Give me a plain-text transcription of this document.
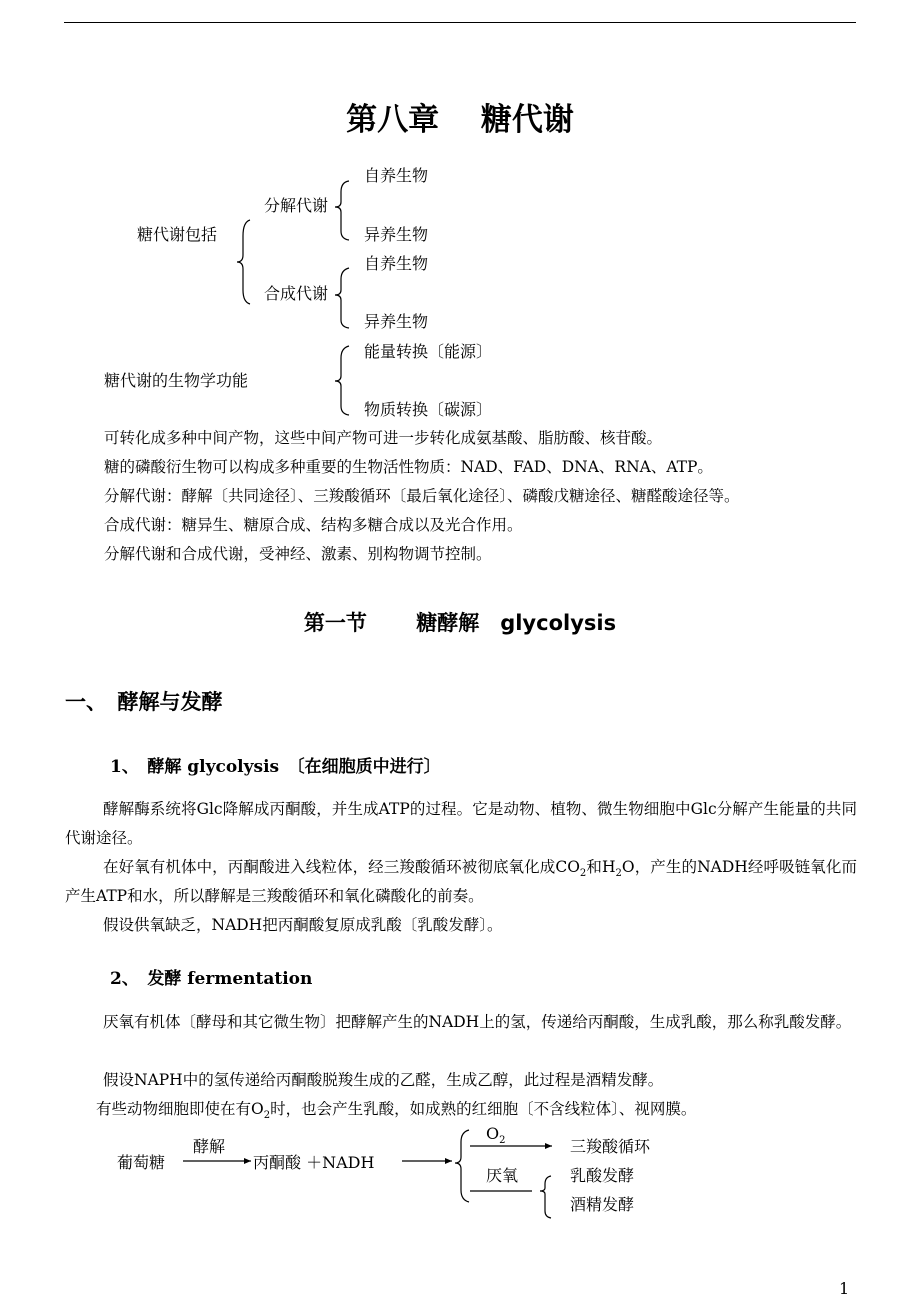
第八章　 糖代谢
自养生物
分解代谢
糖代谢包括	异养生物
自养生物
合成代谢
异养生物
能量转换〔能源〕
糖代谢的生物学功能
物质转换〔碳源〕
可转化成多种中间产物，这些中间产物可进一步转化成氨基酸、脂肪酸、核苷酸。
糖的磷酸衍生物可以构成多种重要的生物活性物质：NAD、FAD、DNA、RNA、ATP。
分解代谢：酵解〔共同途径〕、三羧酸循环〔最后氧化途径〕、磷酸戊糖途径、糖醛酸途径等。
合成代谢：糖异生、糖原合成、结构多糖合成以及光合作用。
分解代谢和合成代谢，受神经、激素、别构物调节控制。
第一节　　 糖酵解　glycolysis
一、　酵解与发酵
1、　酵解 glycolysis　〔在细胞质中进行〕
酵解酶系统将Glc降解成丙酮酸，并生成ATP的过程。它是动物、植物、微生物细胞中Glc分解产生能量的共同代谢途径。
在好氧有机体中，丙酮酸进入线粒体，经三羧酸循环被彻底氧化成$CO_2$和$H_2O$，产生的NADH经呼吸链氧化而产生ATP和水，所以酵解是三羧酸循环和氧化磷酸化的前奏。
假设供氧缺乏，NADH把丙酮酸复原成乳酸〔乳酸发酵〕。
2、　发酵 fermentation
厌氧有机体〔酵母和其它微生物〕把酵解产生的NADH上的氢，传递给丙酮酸，生成乳酸，那么称乳酸发酵。
假设NAPH中的氢传递给丙酮酸脱羧生成的乙醛，生成乙醇，此过程是酒精发酵。
有些动物细胞即使在有$O_2$时，也会产生乳酸，如成熟的红细胞〔不含线粒体〕、视网膜。
葡萄糖
酵解
丙酮酸 ＋NADH
$O_2$	三羧酸循环
厌氧	乳酸发酵
酒精发酵
1
